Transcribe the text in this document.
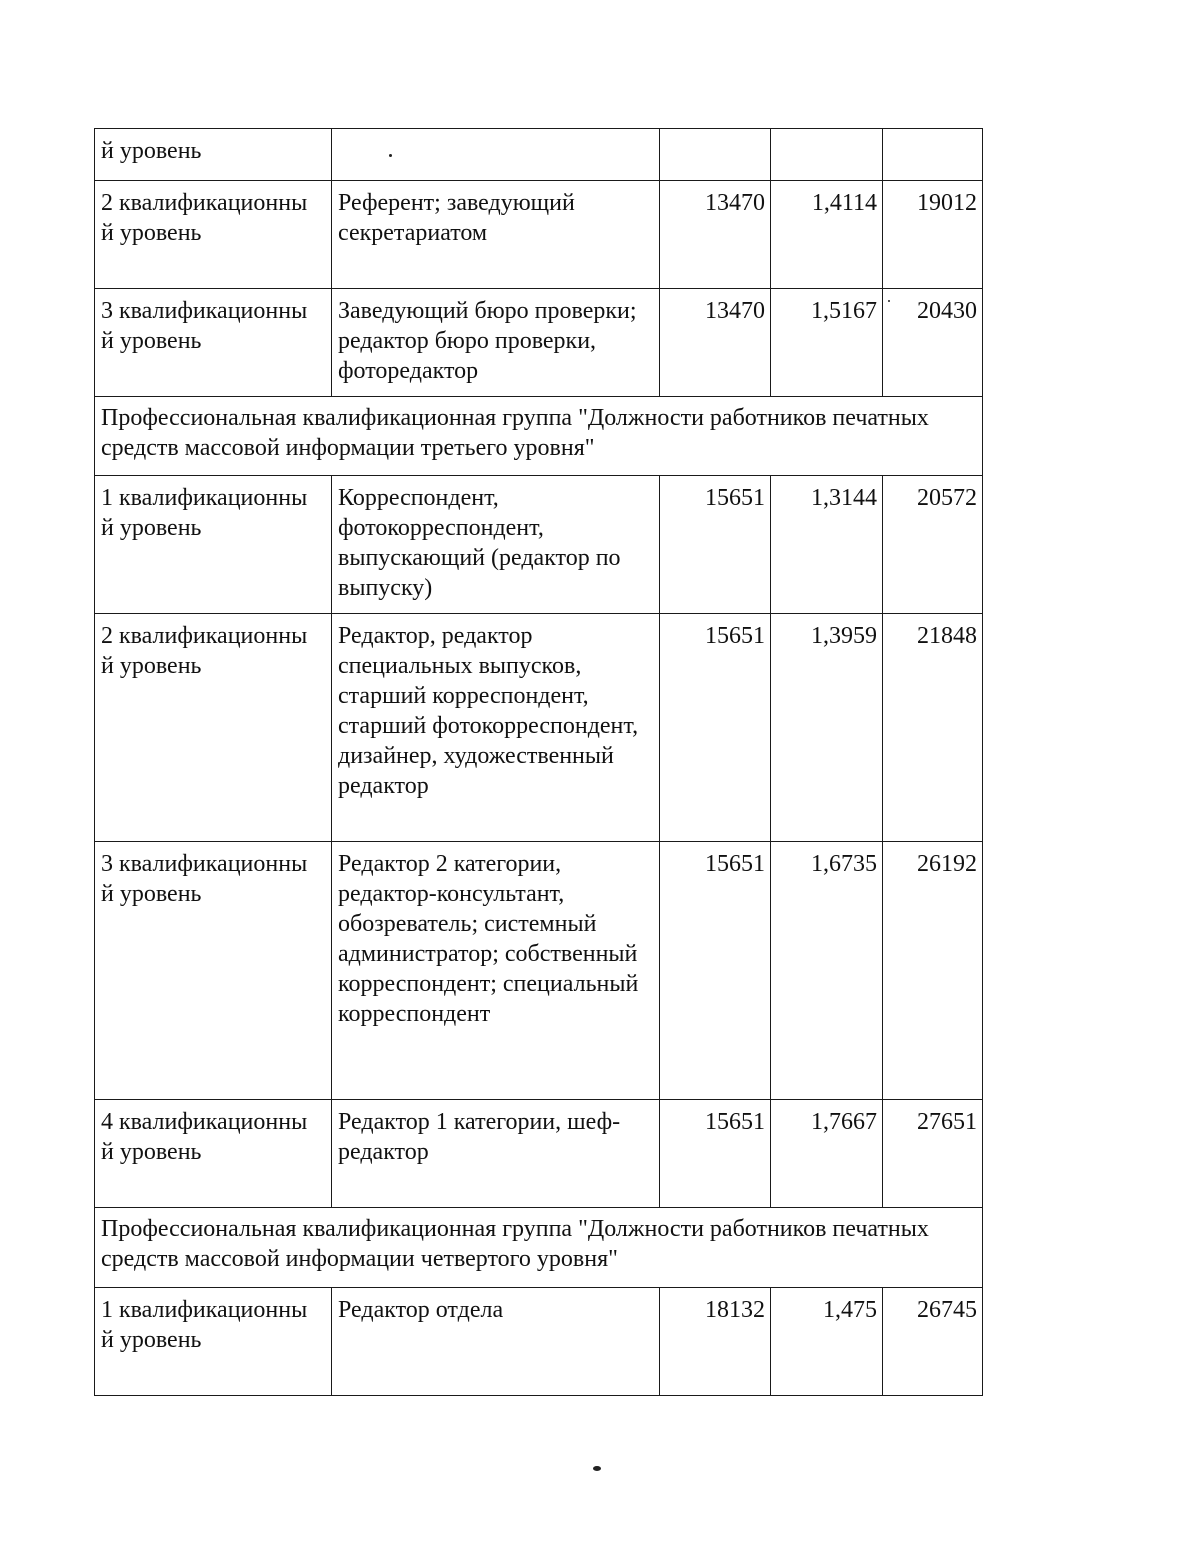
й уровень				
2 квалификационны й уровень	Референт; заведующий секретариатом	13470	1,4114	19012
3 квалификационны й уровень	Заведующий бюро проверки; редактор бюро проверки, фоторедактор	13470	1,5167	20430
Профессиональная квалификационная группа "Должности работников печатных средств массовой информации третьего уровня"				
1 квалификационны й уровень	Корреспондент, фотокорреспондент, выпускающий (редактор по выпуску)	15651	1,3144	20572
2 квалификационны й уровень	Редактор, редактор специальных выпусков, старший корреспондент, старший фотокорреспондент, дизайнер, художественный редактор	15651	1,3959	21848
3 квалификационны й уровень	Редактор 2 категории, редактор-консультант, обозреватель; системный администратор; собственный корреспондент; специальный корреспондент	15651	1,6735	26192
4 квалификационны й уровень	Редактор 1 категории, шеф-редактор	15651	1,7667	27651
Профессиональная квалификационная группа "Должности работников печатных средств массовой информации четвертого уровня"				
1 квалификационны й уровень	Редактор отдела	18132	1,475	26745
